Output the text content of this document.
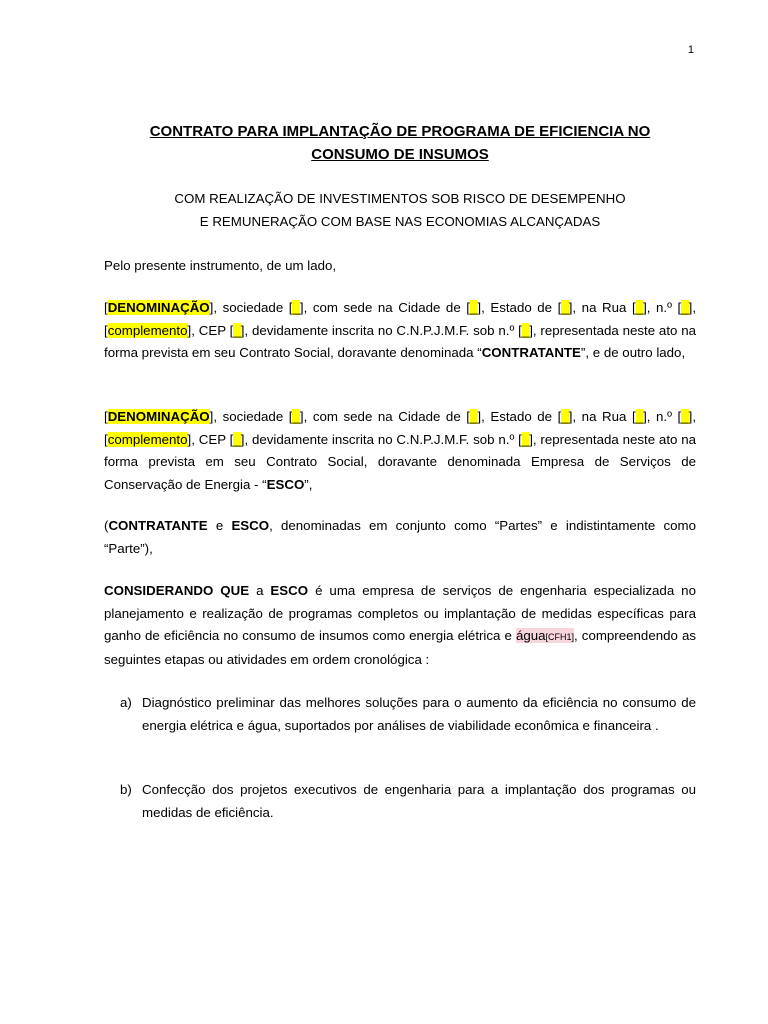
1
CONTRATO PARA IMPLANTAÇÃO DE PROGRAMA DE EFICIENCIA NO
CONSUMO DE INSUMOS
COM REALIZAÇÃO DE INVESTIMENTOS SOB RISCO DE DESEMPENHO
E REMUNERAÇÃO COM BASE NAS ECONOMIAS ALCANÇADAS

Pelo presente instrumento, de um lado,

[DENOMINAÇÃO], sociedade [_], com sede na Cidade de [_], Estado de [_], na Rua [_], n.º [_], [complemento], CEP [_], devidamente inscrita no C.N.P.J.M.F. sob n.º [_], representada neste ato na forma prevista em seu Contrato Social, doravante denominada “CONTRATANTE”, e de outro lado,

[DENOMINAÇÃO], sociedade [_], com sede na Cidade de [_], Estado de [_], na Rua [_], n.º [_], [complemento], CEP [_], devidamente inscrita no C.N.P.J.M.F. sob n.º [_], representada neste ato na forma prevista em seu Contrato Social, doravante denominada Empresa de Serviços de Conservação de Energia - “ESCO”,

(CONTRATANTE e ESCO, denominadas em conjunto como “Partes” e indistintamente como “Parte”),

CONSIDERANDO QUE a ESCO é uma empresa de serviços de engenharia especializada no planejamento e realização de programas completos ou implantação de medidas específicas para ganho de eficiência no consumo de insumos como energia elétrica e água[CFH1], compreendendo as seguintes etapas ou atividades em ordem cronológica :

a) Diagnóstico preliminar das melhores soluções para o aumento da eficiência no consumo de energia elétrica e água, suportados por análises de viabilidade econômica e financeira .
b) Confecção dos projetos executivos de engenharia para a implantação dos programas ou medidas de eficiência.
